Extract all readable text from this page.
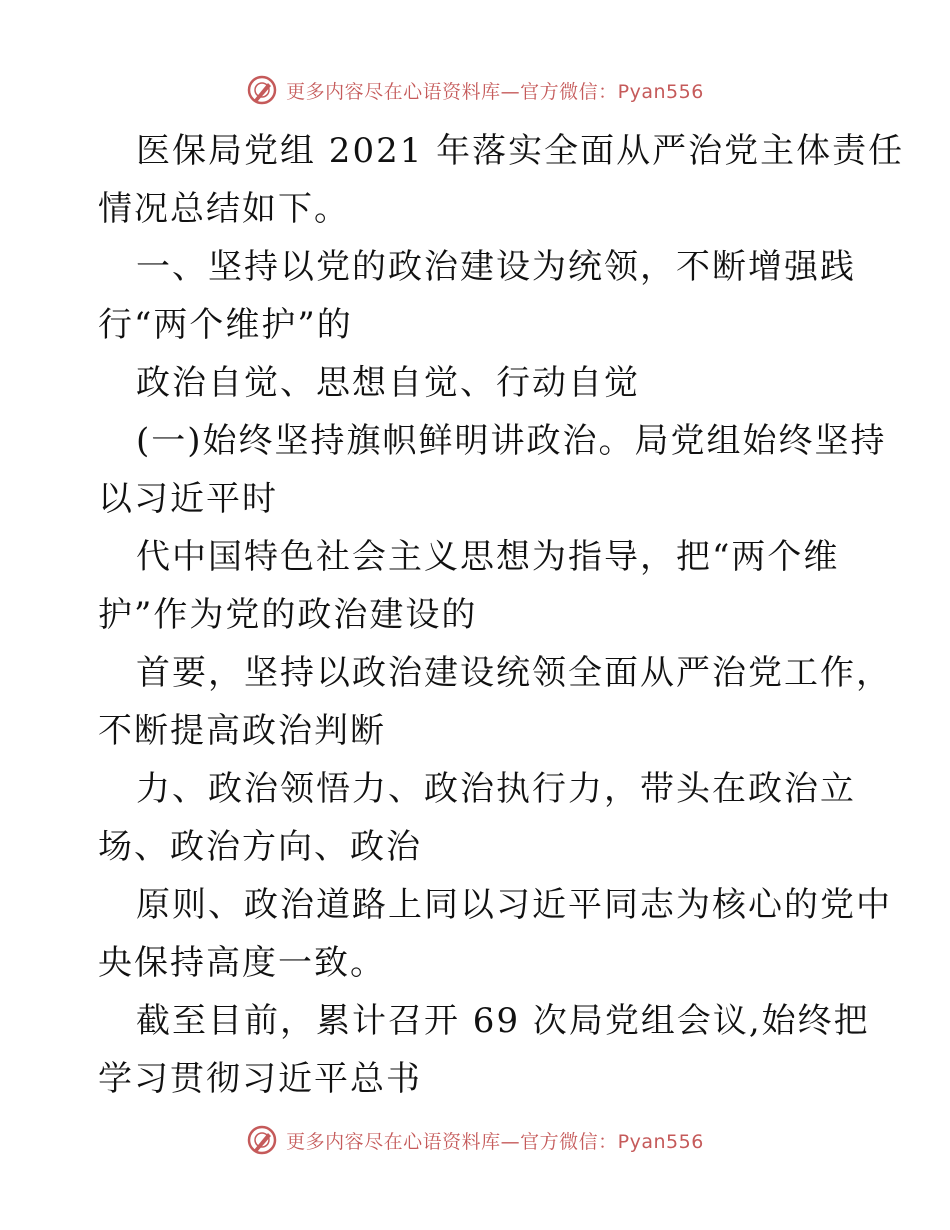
更多内容尽在心语资料库—官方微信：Pyan556
医保局党组 2021 年落实全面从严治党主体责任
情况总结如下。
一、坚持以党的政治建设为统领，不断增强践
行“两个维护”的
政治自觉、思想自觉、行动自觉
(一)始终坚持旗帜鲜明讲政治。局党组始终坚持
以习近平时
代中国特色社会主义思想为指导，把“两个维
护”作为党的政治建设的
首要，坚持以政治建设统领全面从严治党工作，
不断提高政治判断
力、政治领悟力、政治执行力，带头在政治立
场、政治方向、政治
原则、政治道路上同以习近平同志为核心的党中
央保持高度一致。
截至目前，累计召开 69 次局党组会议,始终把
学习贯彻习近平总书
更多内容尽在心语资料库—官方微信：Pyan556
